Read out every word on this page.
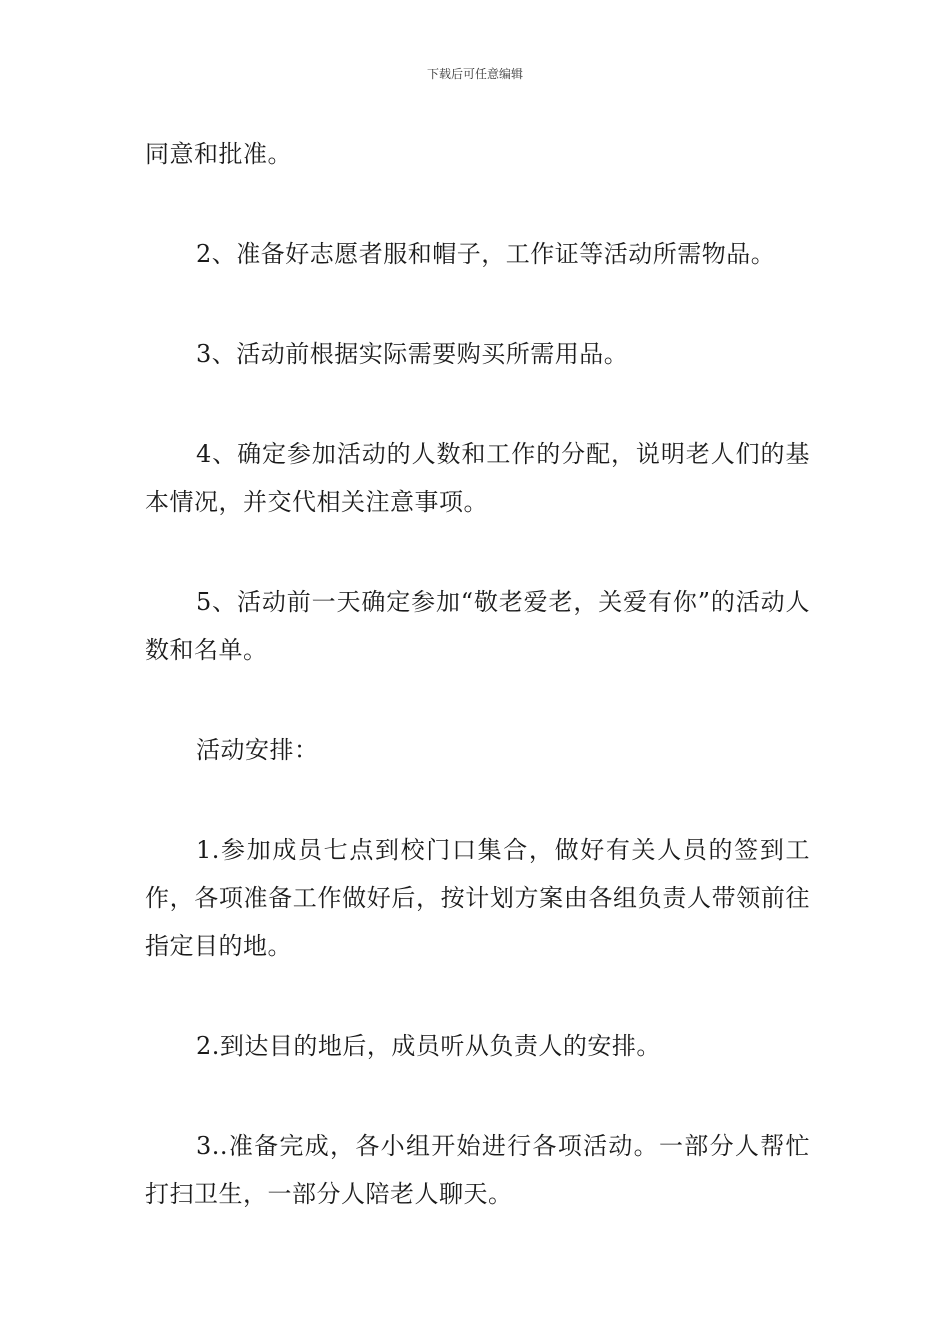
下载后可任意编辑

同意和批准。

2、准备好志愿者服和帽子，工作证等活动所需物品。

3、活动前根据实际需要购买所需用品。

4、确定参加活动的人数和工作的分配，说明老人们的基本情况，并交代相关注意事项。

5、活动前一天确定参加“敬老爱老，关爱有你”的活动人数和名单。

活动安排：

1.参加成员七点到校门口集合，做好有关人员的签到工作，各项准备工作做好后，按计划方案由各组负责人带领前往指定目的地。

2.到达目的地后，成员听从负责人的安排。

3..准备完成，各小组开始进行各项活动。一部分人帮忙打扫卫生，一部分人陪老人聊天。
